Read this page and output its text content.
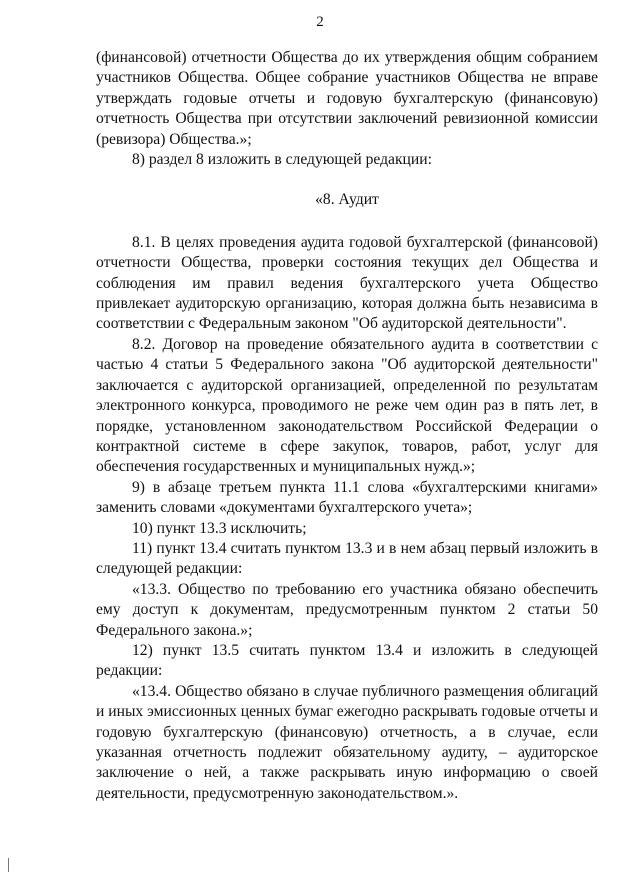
2

(финансовой) отчетности Общества до их утверждения общим собранием участников Общества. Общее собрание участников Общества не вправе утверждать годовые отчеты и годовую бухгалтерскую (финансовую) отчетность Общества при отсутствии заключений ревизионной комиссии (ревизора) Общества.»;

8) раздел 8 изложить в следующей редакции:

«8. Аудит

8.1. В целях проведения аудита годовой бухгалтерской (финансовой) отчетности Общества, проверки состояния текущих дел Общества и соблюдения им правил ведения бухгалтерского учета Общество привлекает аудиторскую организацию, которая должна быть независима в соответствии с Федеральным законом "Об аудиторской деятельности".

8.2. Договор на проведение обязательного аудита в соответствии с частью 4 статьи 5 Федерального закона "Об аудиторской деятельности" заключается с аудиторской организацией, определенной по результатам электронного конкурса, проводимого не реже чем один раз в пять лет, в порядке, установленном законодательством Российской Федерации о контрактной системе в сфере закупок, товаров, работ, услуг для обеспечения государственных и муниципальных нужд.»;

9) в абзаце третьем пункта 11.1 слова «бухгалтерскими книгами» заменить словами «документами бухгалтерского учета»;

10) пункт 13.3 исключить;

11) пункт 13.4 считать пунктом 13.3 и в нем абзац первый изложить в следующей редакции:

«13.3. Общество по требованию его участника обязано обеспечить ему доступ к документам, предусмотренным пунктом 2 статьи 50 Федерального закона.»;

12) пункт 13.5 считать пунктом 13.4 и изложить в следующей редакции:

«13.4. Общество обязано в случае публичного размещения облигаций и иных эмиссионных ценных бумаг ежегодно раскрывать годовые отчеты и годовую бухгалтерскую (финансовую) отчетность, а в случае, если указанная отчетность подлежит обязательному аудиту, – аудиторское заключение о ней, а также раскрывать иную информацию о своей деятельности, предусмотренную законодательством.».
